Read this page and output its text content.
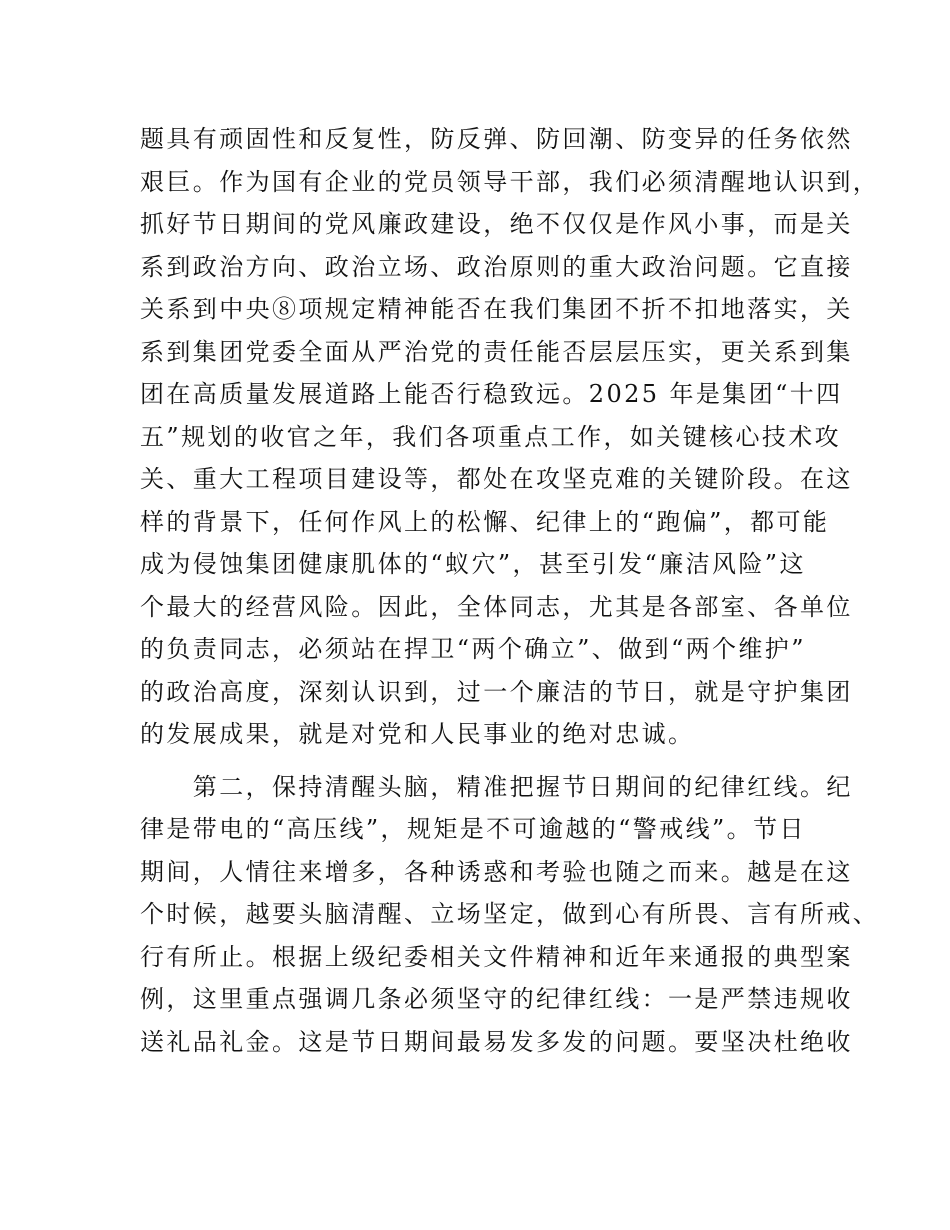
题具有顽固性和反复性，防反弹、防回潮、防变异的任务依然
艰巨。作为国有企业的党员领导干部，我们必须清醒地认识到，
抓好节日期间的党风廉政建设，绝不仅仅是作风小事，而是关
系到政治方向、政治立场、政治原则的重大政治问题。它直接
关系到中央⑧项规定精神能否在我们集团不折不扣地落实，关
系到集团党委全面从严治党的责任能否层层压实，更关系到集
团在高质量发展道路上能否行稳致远。2025 年是集团“十四
五”规划的收官之年，我们各项重点工作，如关键核心技术攻
关、重大工程项目建设等，都处在攻坚克难的关键阶段。在这
样的背景下，任何作风上的松懈、纪律上的“跑偏”，都可能
成为侵蚀集团健康肌体的“蚁穴”，甚至引发“廉洁风险”这
个最大的经营风险。因此，全体同志，尤其是各部室、各单位
的负责同志，必须站在捍卫“两个确立”、做到“两个维护”
的政治高度，深刻认识到，过一个廉洁的节日，就是守护集团
的发展成果，就是对党和人民事业的绝对忠诚。
　　第二，保持清醒头脑，精准把握节日期间的纪律红线。纪
律是带电的“高压线”，规矩是不可逾越的“警戒线”。节日
期间，人情往来增多，各种诱惑和考验也随之而来。越是在这
个时候，越要头脑清醒、立场坚定，做到心有所畏、言有所戒、
行有所止。根据上级纪委相关文件精神和近年来通报的典型案
例，这里重点强调几条必须坚守的纪律红线：一是严禁违规收
送礼品礼金。这是节日期间最易发多发的问题。要坚决杜绝收
